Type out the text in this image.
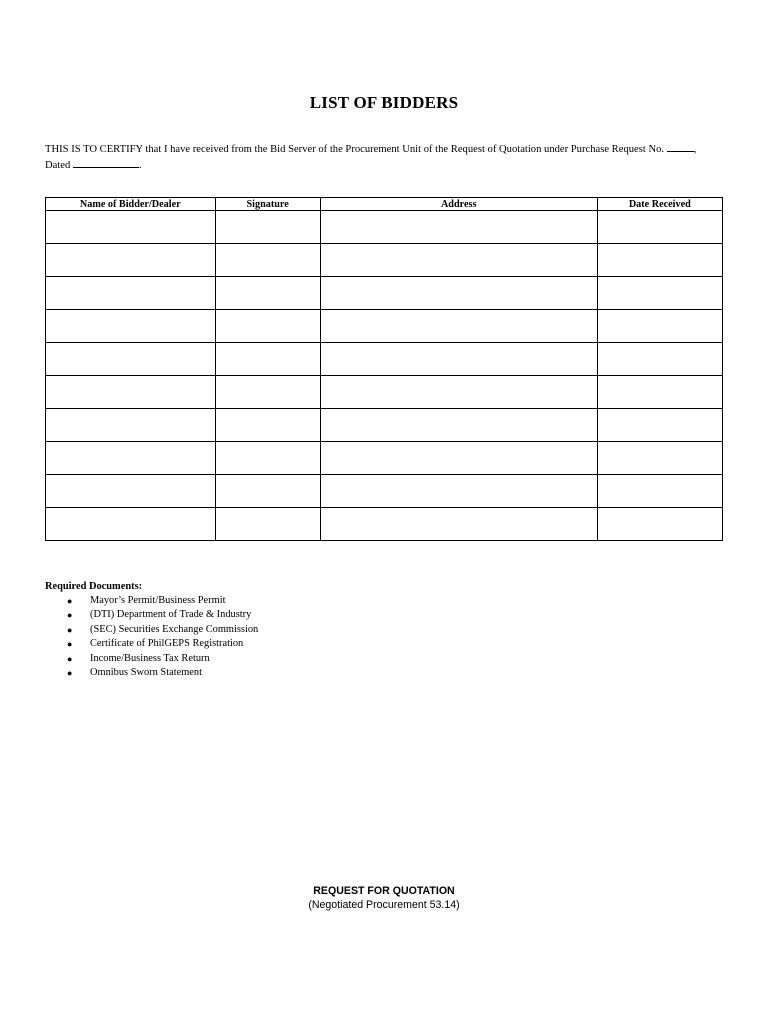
LIST OF BIDDERS
THIS IS TO CERTIFY that I have received from the Bid Server of the Procurement Unit of the Request of Quotation under Purchase Request No.	,
Dated	.
Name of Bidder/Dealer	Signature	Address	Date Received

Required Documents:
● Mayor’s Permit/Business Permit
● (DTI) Department of Trade & Industry
● (SEC) Securities Exchange Commission
● Certificate of PhilGEPS Registration
● Income/Business Tax Return
● Omnibus Sworn Statement
REQUEST FOR QUOTATION
(Negotiated Procurement 53.14)
